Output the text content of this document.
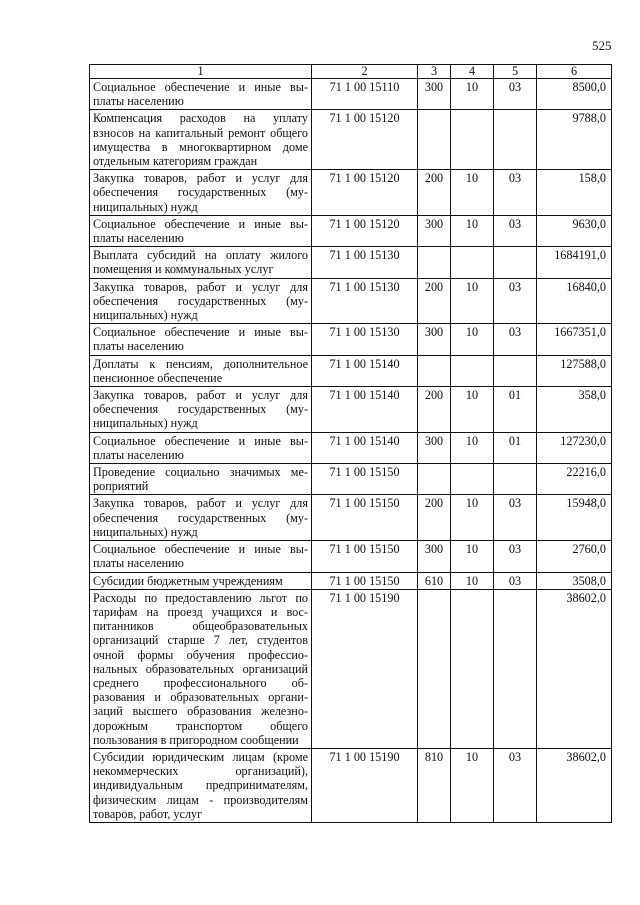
525
1	2	3	4	5	6
Социальное обеспечение и иные выплаты населению	71 1 00 15110	300	10	03	8500,0
Компенсация расходов на уплату взносов на капитальный ремонт общего имущества в многоквартирном доме отдельным категориям граждан	71 1 00 15120				9788,0
Закупка товаров, работ и услуг для обеспечения государственных (муниципальных) нужд	71 1 00 15120	200	10	03	158,0
Социальное обеспечение и иные выплаты населению	71 1 00 15120	300	10	03	9630,0
Выплата субсидий на оплату жилого помещения и коммунальных услуг	71 1 00 15130				1684191,0
Закупка товаров, работ и услуг для обеспечения государственных (муниципальных) нужд	71 1 00 15130	200	10	03	16840,0
Социальное обеспечение и иные выплаты населению	71 1 00 15130	300	10	03	1667351,0
Доплаты к пенсиям, дополнительное пенсионное обеспечение	71 1 00 15140				127588,0
Закупка товаров, работ и услуг для обеспечения государственных (муниципальных) нужд	71 1 00 15140	200	10	01	358,0
Социальное обеспечение и иные выплаты населению	71 1 00 15140	300	10	01	127230,0
Проведение социально значимых мероприятий	71 1 00 15150				22216,0
Закупка товаров, работ и услуг для обеспечения государственных (муниципальных) нужд	71 1 00 15150	200	10	03	15948,0
Социальное обеспечение и иные выплаты населению	71 1 00 15150	300	10	03	2760,0
Субсидии бюджетным учреждениям	71 1 00 15150	610	10	03	3508,0
Расходы по предоставлению льгот по тарифам на проезд учащихся и воспитанников общеобразовательных организаций старше 7 лет, студентов очной формы обучения профессиональных образовательных организаций среднего профессионального образования и образовательных организаций высшего образования железнодорожным транспортом общего пользования в пригородном сообщении	71 1 00 15190				38602,0
Субсидии юридическим лицам (кроме некоммерческих организаций), индивидуальным предпринимателям, физическим лицам - производителям товаров, работ, услуг	71 1 00 15190	810	10	03	38602,0
